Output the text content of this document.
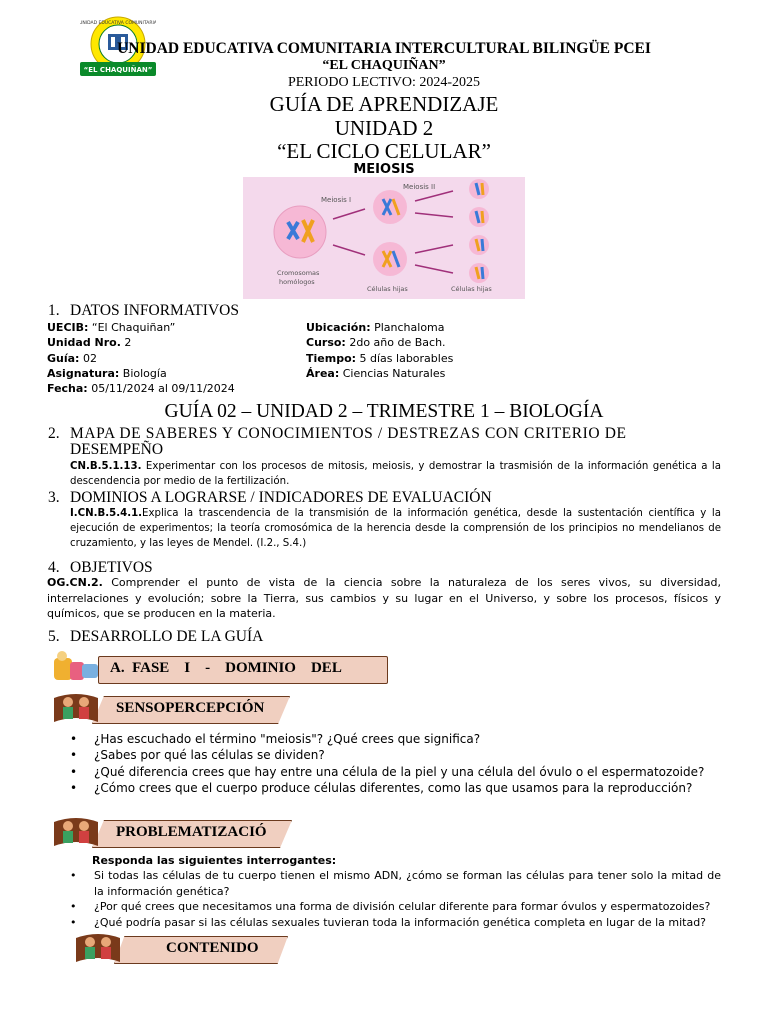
“EL CHAQUIÑAN”
UNIDAD EDUCATIVA COMUNITARIA
UNIDAD EDUCATIVA COMUNITARIA INTERCULTURAL BILINGÜE PCEI
“EL CHAQUIÑAN”
PERIODO LECTIVO: 2024-2025
GUÍA DE APRENDIZAJE
UNIDAD 2
“EL CICLO CELULAR”
MEIOSIS
Meiosis I
Meiosis II
Cromosomas
homólogos
Células hijas	Células hijas
1. DATOS INFORMATIVOS
UECIB: “El Chaquiñan”
Unidad Nro. 2
Guía: 02
Asignatura: Biología
Fecha: 05/11/2024 al 09/11/2024
Ubicación: Planchaloma
Curso: 2do año de Bach.
Tiempo: 5 días laborables
Área: Ciencias Naturales
GUÍA 02 – UNIDAD 2 – TRIMESTRE 1 – BIOLOGÍA
2. MAPA DE SABERES Y CONOCIMIENTOS / DESTREZAS CON CRITERIO DE
DESEMPEÑO
CN.B.5.1.13. Experimentar con los procesos de mitosis, meiosis, y demostrar la trasmisión de la información genética a la descendencia por medio de la fertilización.
3. DOMINIOS A LOGRARSE / INDICADORES DE EVALUACIÓN
I.CN.B.5.4.1.Explica la trascendencia de la transmisión de la información genética, desde la sustentación científica y la ejecución de experimentos; la teoría cromosómica de la herencia desde la comprensión de los principios no mendelianos de cruzamiento, y las leyes de Mendel. (I.2., S.4.)
4. OBJETIVOS
OG.CN.2. Comprender el punto de vista de la ciencia sobre la naturaleza de los seres vivos, su diversidad, interrelaciones y evolución; sobre la Tierra, sus cambios y su lugar en el Universo, y sobre los procesos, físicos y químicos, que se producen en la materia.
5. DESARROLLO DE LA GUÍA
A.  FASE    I    -    DOMINIO    DEL
SENSOPERCEPCIÓN
• ¿Has escuchado el término "meiosis"? ¿Qué crees que significa?
• ¿Sabes por qué las células se dividen?
• ¿Qué diferencia crees que hay entre una célula de la piel y una célula del óvulo o el espermatozoide?
• ¿Cómo crees que el cuerpo produce células diferentes, como las que usamos para la reproducción?
PROBLEMATIZACIÓ
Responda las siguientes interrogantes:
• Si todas las células de tu cuerpo tienen el mismo ADN, ¿cómo se forman las células para tener solo la mitad de la información genética?
• ¿Por qué crees que necesitamos una forma de división celular diferente para formar óvulos y espermatozoides?
• ¿Qué podría pasar si las células sexuales tuvieran toda la información genética completa en lugar de la mitad?
CONTENIDO
